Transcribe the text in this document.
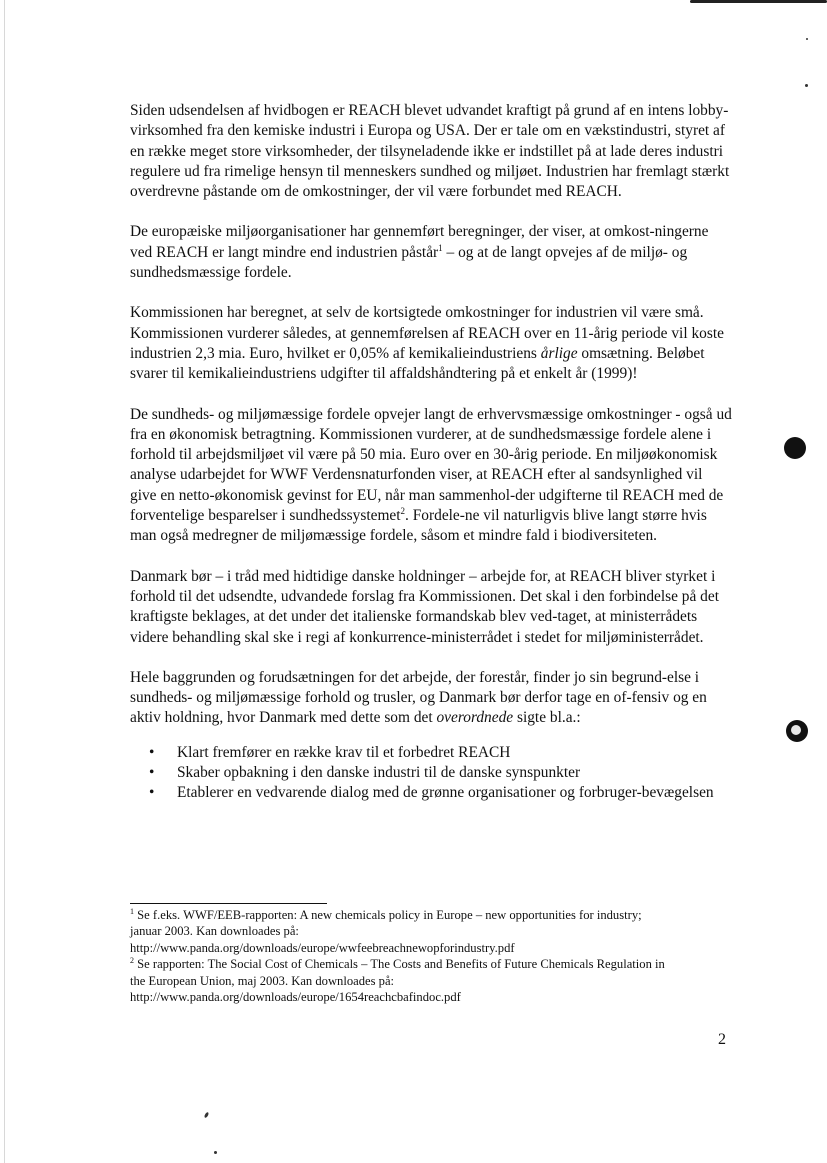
Siden udsendelsen af hvidbogen er REACH blevet udvandet kraftigt på grund af en intens lobby-virksomhed fra den kemiske industri i Europa og USA. Der er tale om en vækstindustri, styret af en række meget store virksomheder, der tilsyneladende ikke er indstillet på at lade deres industri regulere ud fra rimelige hensyn til menneskers sundhed og miljøet. Industrien har fremlagt stærkt overdrevne påstande om de omkostninger, der vil være forbundet med REACH.

De europæiske miljøorganisationer har gennemført beregninger, der viser, at omkost-ningerne ved REACH er langt mindre end industrien påstår$^1$ – og at de langt opvejes af de miljø- og sundhedsmæssige fordele.

Kommissionen har beregnet, at selv de kortsigtede omkostninger for industrien vil være små. Kommissionen vurderer således, at gennemførelsen af REACH over en 11-årig periode vil koste industrien 2,3 mia. Euro, hvilket er 0,05% af kemikalieindustriens årlige omsætning. Beløbet svarer til kemikalieindustriens udgifter til affaldshåndtering på et enkelt år (1999)!

De sundheds- og miljømæssige fordele opvejer langt de erhvervsmæssige omkostninger - også ud fra en økonomisk betragtning. Kommissionen vurderer, at de sundhedsmæssige fordele alene i forhold til arbejdsmiljøet vil være på 50 mia. Euro over en 30-årig periode. En miljøøkonomisk analyse udarbejdet for WWF Verdensnaturfonden viser, at REACH efter al sandsynlighed vil give en netto-økonomisk gevinst for EU, når man sammenhol-der udgifterne til REACH med de forventelige besparelser i sundhedssystemet$^2$. Fordele-ne vil naturligvis blive langt større hvis man også medregner de miljømæssige fordele, såsom et mindre fald i biodiversiteten.

Danmark bør – i tråd med hidtidige danske holdninger – arbejde for, at REACH bliver styrket i forhold til det udsendte, udvandede forslag fra Kommissionen. Det skal i den forbindelse på det kraftigste beklages, at det under det italienske formandskab blev ved-taget, at ministerrådets videre behandling skal ske i regi af konkurrence-ministerrådet i stedet for miljøministerrådet.

Hele baggrunden og forudsætningen for det arbejde, der forestår, finder jo sin begrund-else i sundheds- og miljømæssige forhold og trusler, og Danmark bør derfor tage en of-fensiv og en aktiv holdning, hvor Danmark med dette som det overordnede sigte bl.a.:

• Klart fremfører en række krav til et forbedret REACH
• Skaber opbakning i den danske industri til de danske synspunkter
• Etablerer en vedvarende dialog med de grønne organisationer og forbruger-bevægelsen
$^1$ Se f.eks. WWF/EEB-rapporten: A new chemicals policy in Europe – new opportunities for industry;
januar 2003. Kan downloades på:
http://www.panda.org/downloads/europe/wwfeebreachnewopforindustry.pdf
$^2$ Se rapporten: The Social Cost of Chemicals – The Costs and Benefits of Future Chemicals Regulation in
the European Union, maj 2003. Kan downloades på:
http://www.panda.org/downloads/europe/1654reachcbafindoc.pdf
2
